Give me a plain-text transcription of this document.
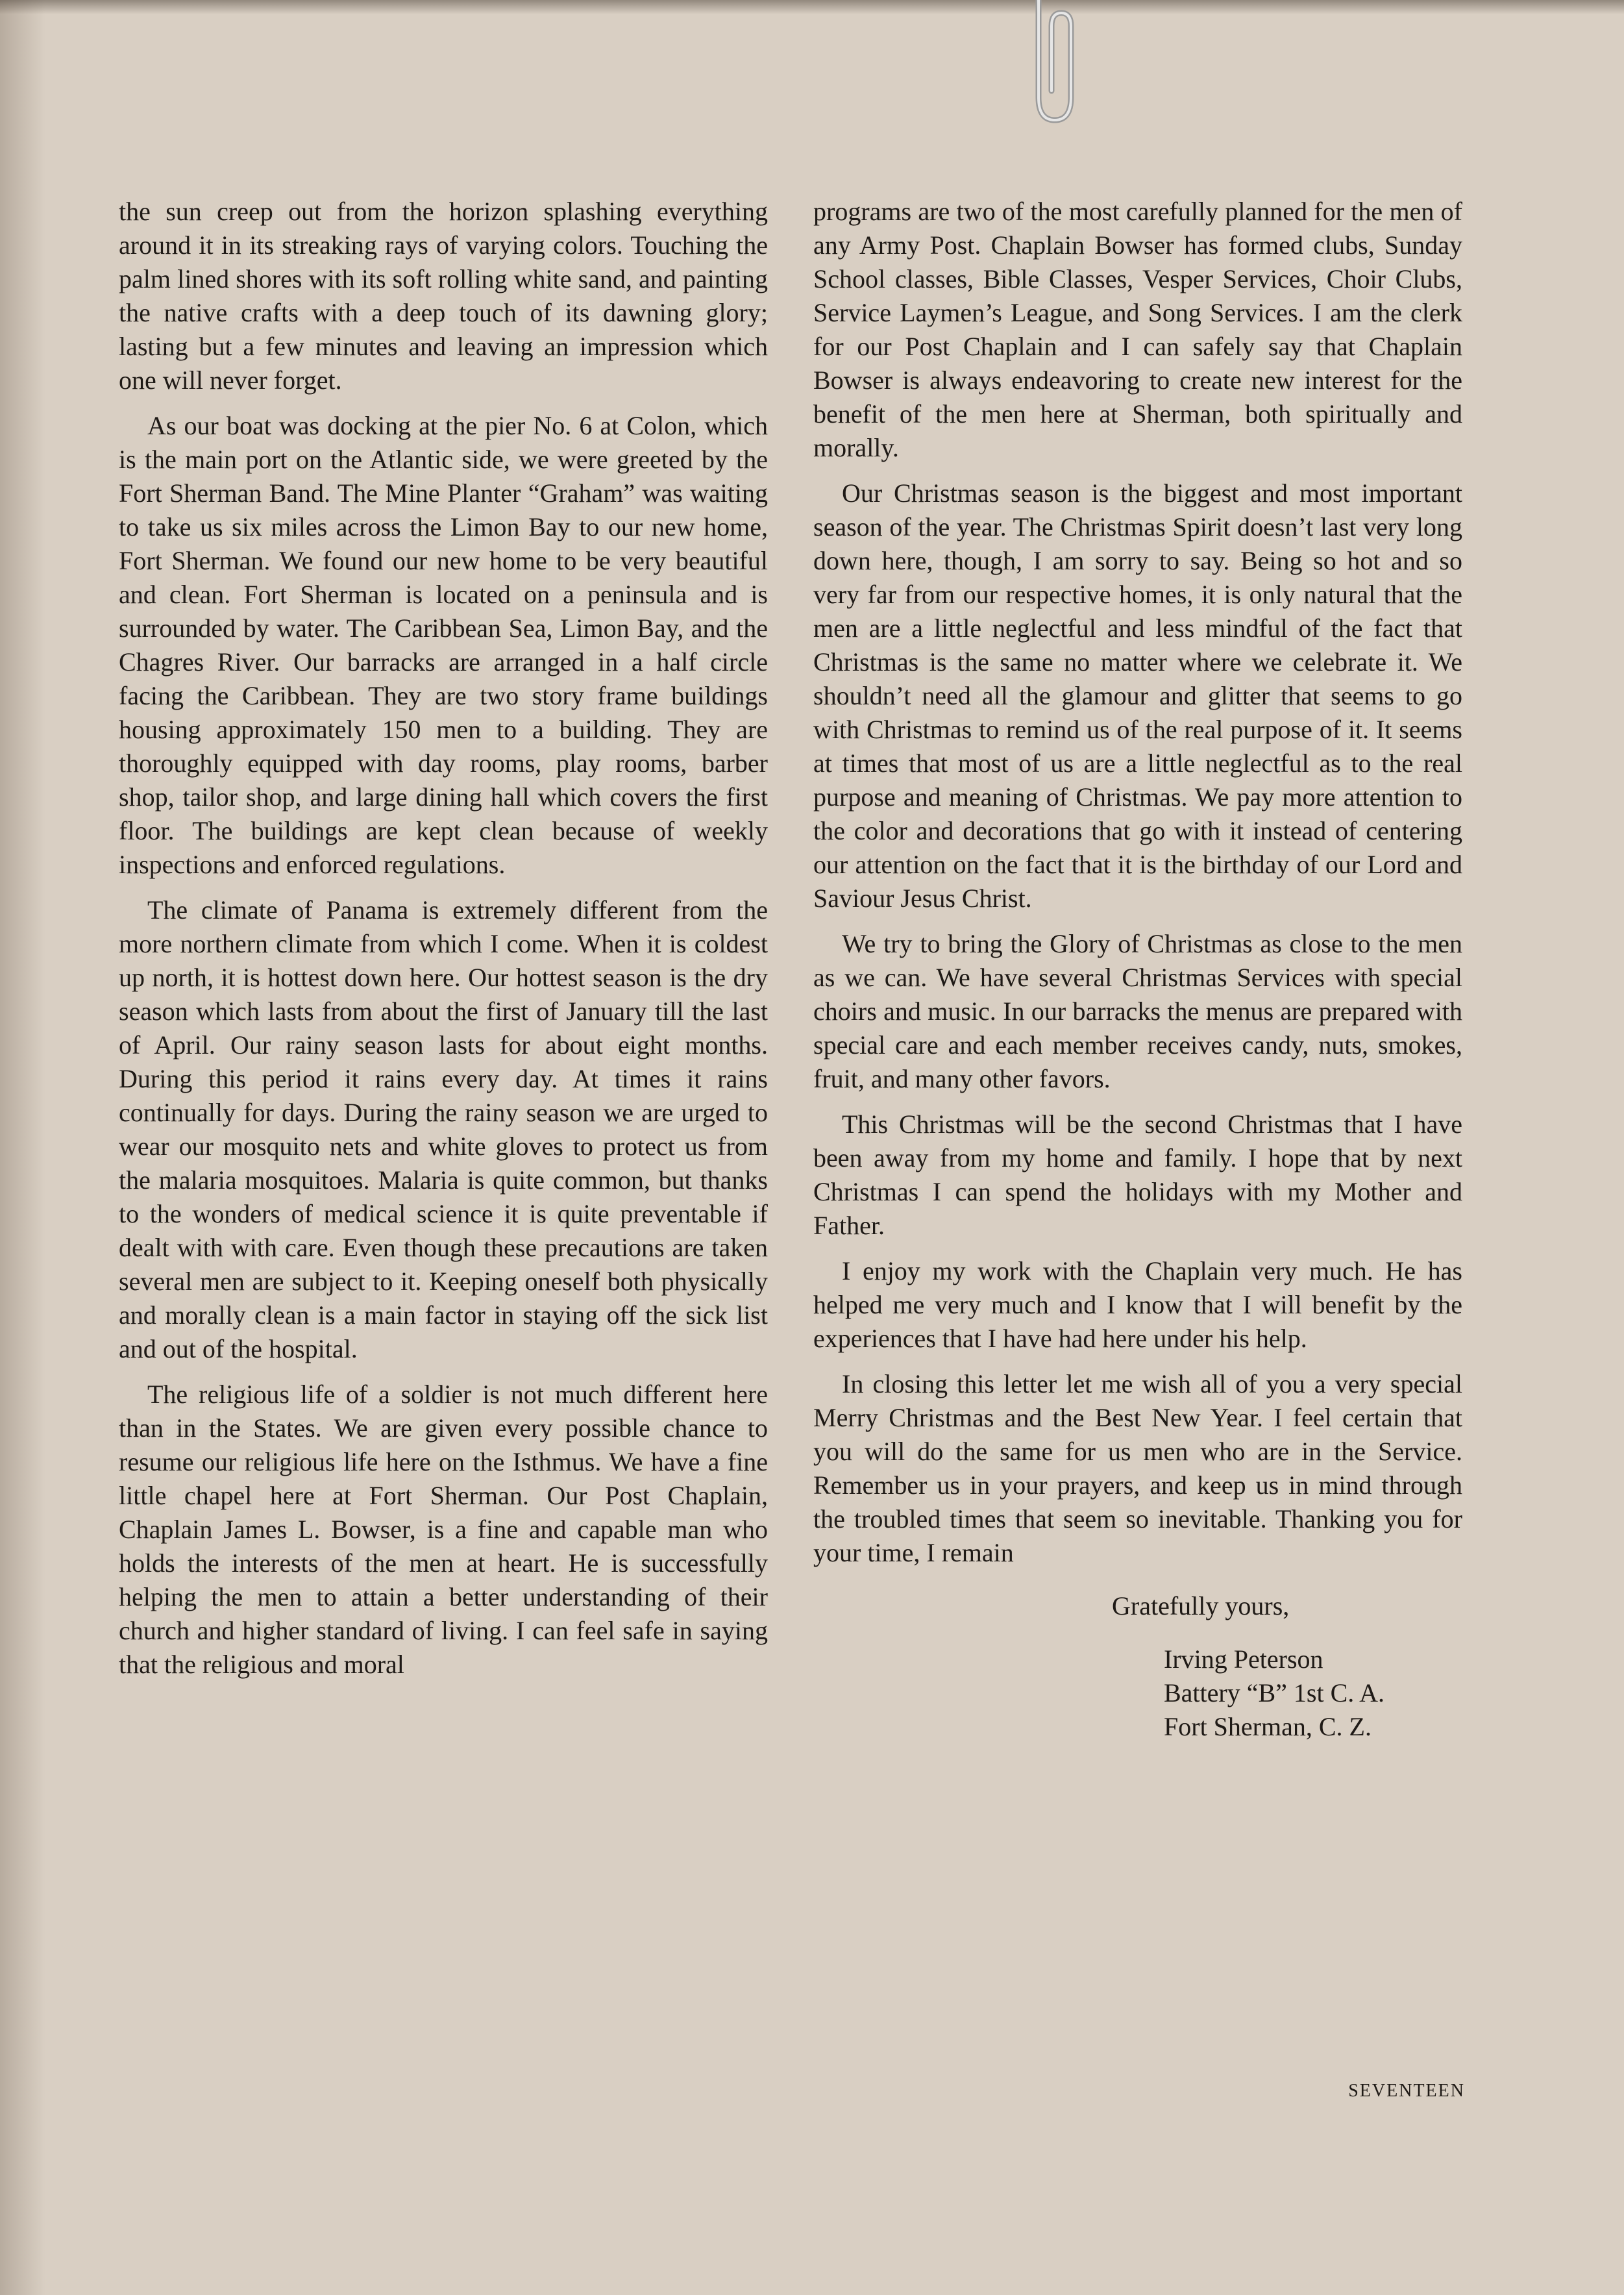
the sun creep out from the horizon splashing everything around it in its streaking rays of varying colors. Touching the palm lined shores with its soft rolling white sand, and painting the native crafts with a deep touch of its dawning glory; lasting but a few minutes and leaving an impression which one will never forget.

As our boat was docking at the pier No. 6 at Colon, which is the main port on the Atlantic side, we were greeted by the Fort Sherman Band. The Mine Planter “Graham” was waiting to take us six miles across the Limon Bay to our new home, Fort Sherman. We found our new home to be very beautiful and clean. Fort Sherman is located on a peninsula and is surrounded by water. The Caribbean Sea, Limon Bay, and the Chagres River. Our barracks are arranged in a half circle facing the Caribbean. They are two story frame buildings housing approximately 150 men to a building. They are thoroughly equipped with day rooms, play rooms, barber shop, tailor shop, and large dining hall which covers the first floor. The buildings are kept clean because of weekly inspections and enforced regulations.

The climate of Panama is extremely different from the more northern climate from which I come. When it is coldest up north, it is hottest down here. Our hottest season is the dry season which lasts from about the first of January till the last of April. Our rainy season lasts for about eight months. During this period it rains every day. At times it rains continually for days. During the rainy season we are urged to wear our mosquito nets and white gloves to protect us from the malaria mosquitoes. Malaria is quite common, but thanks to the wonders of medical science it is quite preventable if dealt with with care. Even though these precautions are taken several men are subject to it. Keeping oneself both physically and morally clean is a main factor in staying off the sick list and out of the hospital.

The religious life of a soldier is not much different here than in the States. We are given every possible chance to resume our religious life here on the Isthmus. We have a fine little chapel here at Fort Sherman. Our Post Chaplain, Chaplain James L. Bowser, is a fine and capable man who holds the interests of the men at heart. He is successfully helping the men to attain a better understanding of their church and higher standard of living. I can feel safe in saying that the religious and moral

programs are two of the most carefully planned for the men of any Army Post. Chaplain Bowser has formed clubs, Sunday School classes, Bible Classes, Vesper Services, Choir Clubs, Service Laymen’s League, and Song Services. I am the clerk for our Post Chaplain and I can safely say that Chaplain Bowser is always endeavoring to create new interest for the benefit of the men here at Sherman, both spiritually and morally.

Our Christmas season is the biggest and most important season of the year. The Christmas Spirit doesn’t last very long down here, though, I am sorry to say. Being so hot and so very far from our respective homes, it is only natural that the men are a little neglectful and less mindful of the fact that Christmas is the same no matter where we celebrate it. We shouldn’t need all the glamour and glitter that seems to go with Christmas to remind us of the real purpose of it. It seems at times that most of us are a little neglectful as to the real purpose and meaning of Christmas. We pay more attention to the color and decorations that go with it instead of centering our attention on the fact that it is the birthday of our Lord and Saviour Jesus Christ.

We try to bring the Glory of Christmas as close to the men as we can. We have several Christmas Services with special choirs and music. In our barracks the menus are prepared with special care and each member receives candy, nuts, smokes, fruit, and many other favors.

This Christmas will be the second Christmas that I have been away from my home and family. I hope that by next Christmas I can spend the holidays with my Mother and Father.

I enjoy my work with the Chaplain very much. He has helped me very much and I know that I will benefit by the experiences that I have had here under his help.

In closing this letter let me wish all of you a very special Merry Christmas and the Best New Year. I feel certain that you will do the same for us men who are in the Service. Remember us in your prayers, and keep us in mind through the troubled times that seem so inevitable. Thanking you for your time, I remain

Gratefully yours,
Irving Peterson
Battery “B” 1st C. A.
Fort Sherman, C. Z.
SEVENTEEN
